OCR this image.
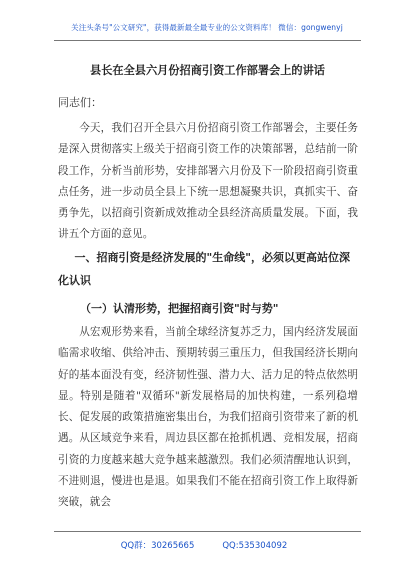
关注头条号"公文研究"，获得最新最全最专业的公文资料库！ 微信：gongwenyj
县长在全县六月份招商引资工作部署会上的讲话
同志们：

今天，我们召开全县六月份招商引资工作部署会，主要任务是深入贯彻落实上级关于招商引资工作的决策部署，总结前一阶段工作，分析当前形势，安排部署六月份及下一阶段招商引资重点任务，进一步动员全县上下统一思想凝聚共识，真抓实干、奋勇争先，以招商引资新成效推动全县经济高质量发展。下面，我讲五个方面的意见。

一、招商引资是经济发展的"生命线"，必须以更高站位深化认识
（一）认清形势，把握招商引资"时与势"

从宏观形势来看，当前全球经济复苏乏力，国内经济发展面临需求收缩、供给冲击、预期转弱三重压力，但我国经济长期向好的基本面没有变，经济韧性强、潜力大、活力足的特点依然明显。特别是随着"双循环"新发展格局的加快构建，一系列稳增长、促发展的政策措施密集出台，为我们招商引资带来了新的机遇。从区域竞争来看，周边县区都在抢抓机遇、竞相发展，招商引资的力度越来越大竞争越来越激烈。我们必须清醒地认识到，不进则退，慢进也是退。如果我们不能在招商引资工作上取得新突破，就会

QQ群：30265665	QQ:535304092
